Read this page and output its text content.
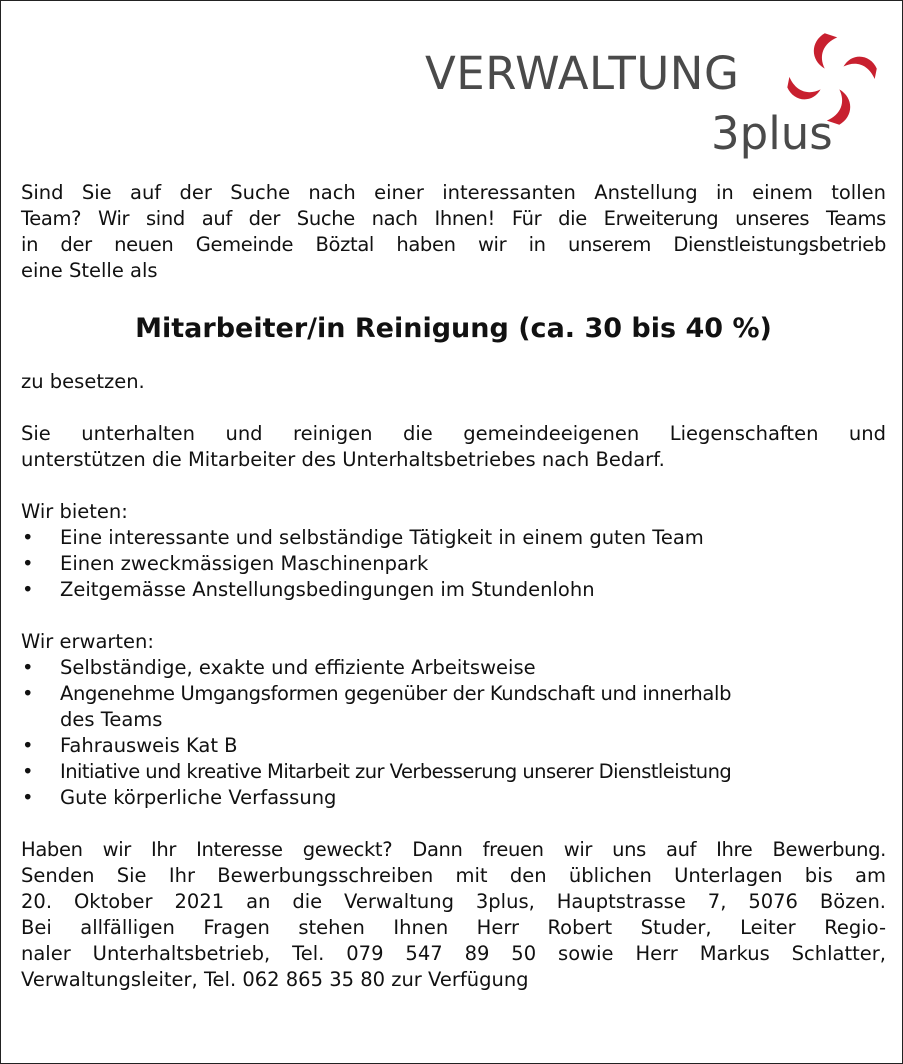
VERWALTUNG
3plus

Sind Sie auf der Suche nach einer interessanten Anstellung in einem tollen

Team? Wir sind auf der Suche nach Ihnen! Für die Erweiterung unseres Teams

in der neuen Gemeinde Böztal haben wir in unserem Dienstleistungsbetrieb

eine Stelle als

Mitarbeiter/in Reinigung (ca. 30 bis 40 %)

zu besetzen.

Sie unterhalten und reinigen die gemeindeeigenen Liegenschaften und

unterstützen die Mitarbeiter des Unterhaltsbetriebes nach Bedarf.

Wir bieten:

• Eine interessante und selbständige Tätigkeit in einem guten Team
• Einen zweckmässigen Maschinenpark
• Zeitgemässe Anstellungsbedingungen im Stundenlohn

Wir erwarten:

• Selbständige, exakte und effiziente Arbeitsweise
• Angenehme Umgangsformen gegenüber der Kundschaft und innerhalb
des Teams
• Fahrausweis Kat B
• Initiative und kreative Mitarbeit zur Verbesserung unserer Dienstleistung
• Gute körperliche Verfassung

Haben wir Ihr Interesse geweckt? Dann freuen wir uns auf Ihre Bewerbung.

Senden Sie Ihr Bewerbungsschreiben mit den üblichen Unterlagen bis am

20. Oktober 2021 an die Verwaltung 3plus, Hauptstrasse 7, 5076 Bözen.

Bei allfälligen Fragen stehen Ihnen Herr Robert Studer, Leiter Regio-

naler Unterhaltsbetrieb, Tel. 079 547 89 50 sowie Herr Markus Schlatter,

Verwaltungsleiter, Tel. 062 865 35 80 zur Verfügung
